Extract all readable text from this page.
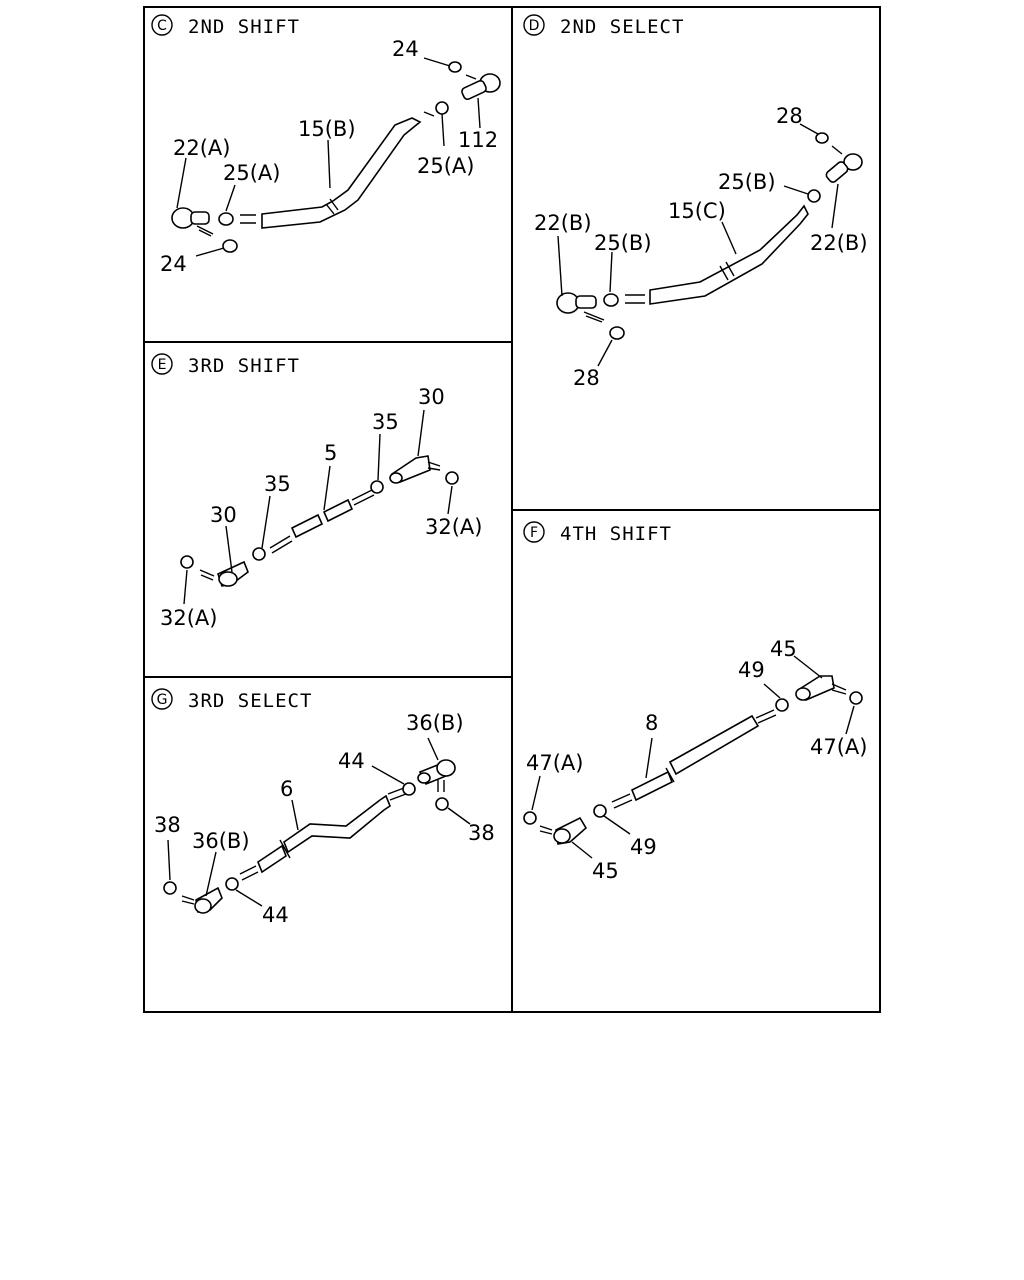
C 2ND SHIFT
24
112
15(B)
22(A)
25(A)	25(A)
24
D 2ND SELECT
28
25(B)
15(C)
22(B)
25(B)	22(B)
28
E 3RD SHIFT
30
35
5
35
30	32(A)
32(A)
F 4TH SHIFT
45
49
8
47(A)
47(A)
49
45
G 3RD SELECT
36(B)
44
6
38
36(B)	38
44
